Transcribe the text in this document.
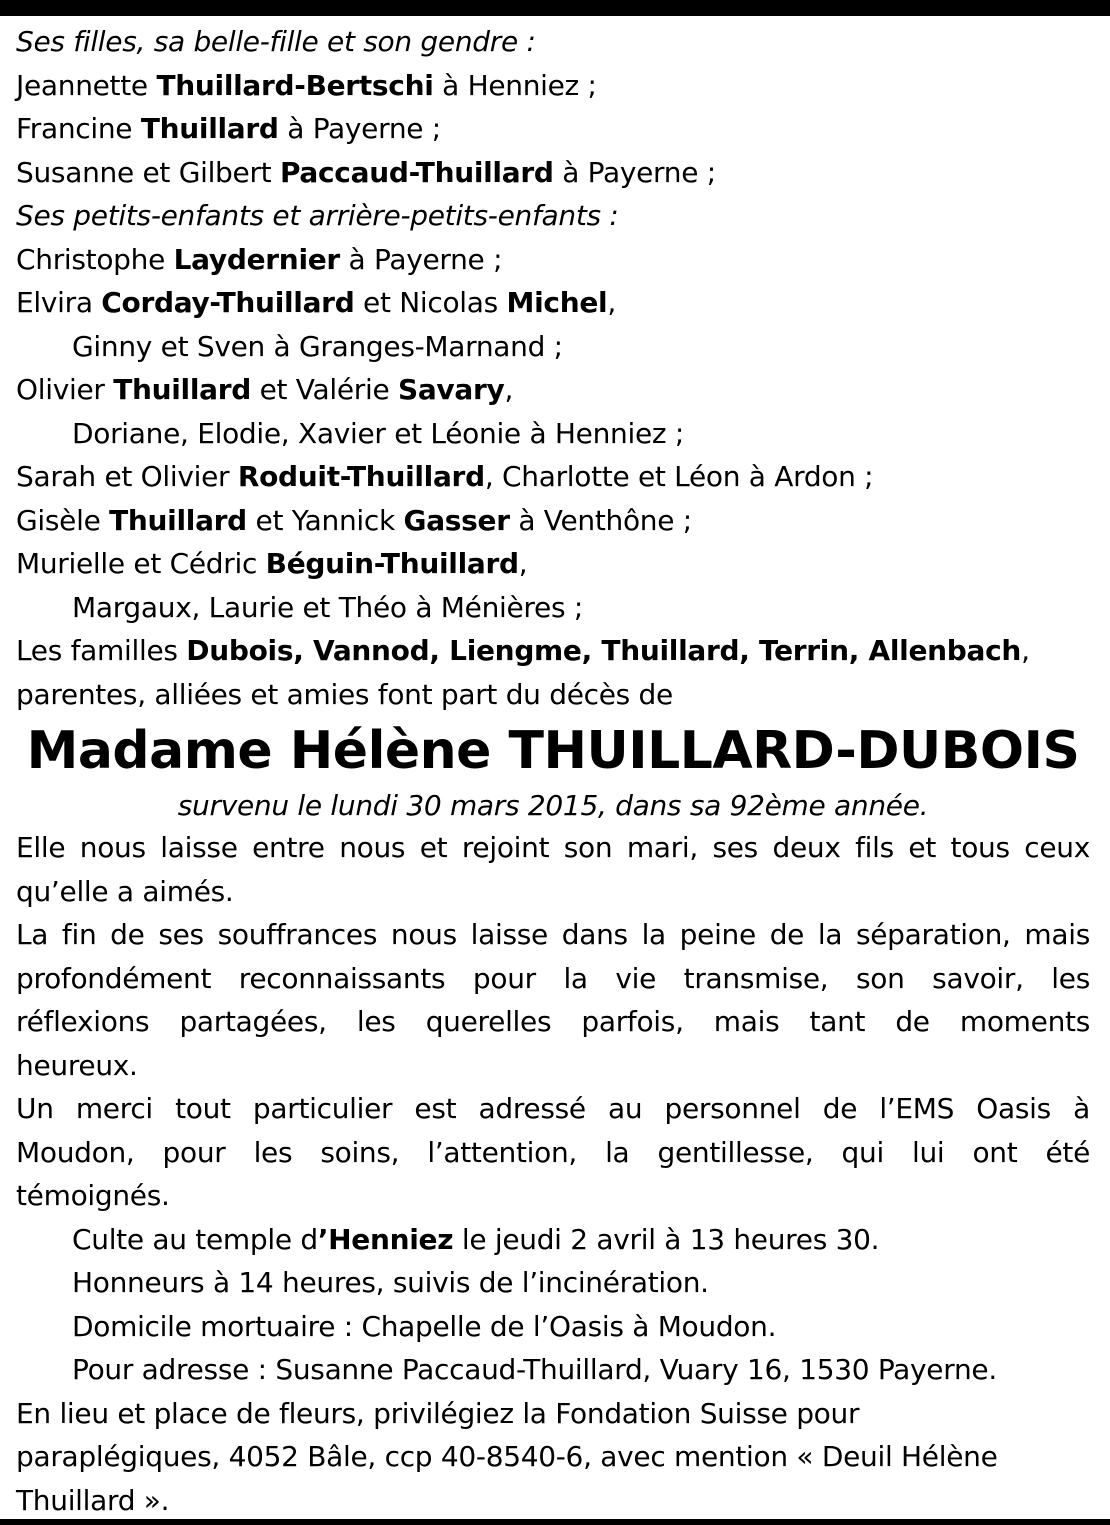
Ses filles, sa belle-fille et son gendre :
Jeannette Thuillard-Bertschi à Henniez ;
Francine Thuillard à Payerne ;
Susanne et Gilbert Paccaud-Thuillard à Payerne ;
Ses petits-enfants et arrière-petits-enfants :
Christophe Laydernier à Payerne ;
Elvira Corday-Thuillard et Nicolas Michel,
Ginny et Sven à Granges-Marnand ;
Olivier Thuillard et Valérie Savary,
Doriane, Elodie, Xavier et Léonie à Henniez ;
Sarah et Olivier Roduit-Thuillard, Charlotte et Léon à Ardon ;
Gisèle Thuillard et Yannick Gasser à Venthône ;
Murielle et Cédric Béguin-Thuillard,
Margaux, Laurie et Théo à Ménières ;
Les familles Dubois, Vannod, Liengme, Thuillard, Terrin, Allenbach,
parentes, alliées et amies font part du décès de
Madame Hélène THUILLARD-DUBOIS
survenu le lundi 30 mars 2015, dans sa 92ème année.
Elle nous laisse entre nous et rejoint son mari, ses deux fils et tous ceux
qu’elle a aimés.
La fin de ses souffrances nous laisse dans la peine de la séparation, mais
profondément reconnaissants pour la vie transmise, son savoir, les
réflexions partagées, les querelles parfois, mais tant de moments
heureux.
Un merci tout particulier est adressé au personnel de l’EMS Oasis à
Moudon, pour les soins, l’attention, la gentillesse, qui lui ont été
témoignés.
Culte au temple d’Henniez le jeudi 2 avril à 13 heures 30.
Honneurs à 14 heures, suivis de l’incinération.
Domicile mortuaire : Chapelle de l’Oasis à Moudon.
Pour adresse : Susanne Paccaud-Thuillard, Vuary 16, 1530 Payerne.
En lieu et place de fleurs, privilégiez la Fondation Suisse pour
paraplégiques, 4052 Bâle, ccp 40-8540-6, avec mention « Deuil Hélène
Thuillard ».
